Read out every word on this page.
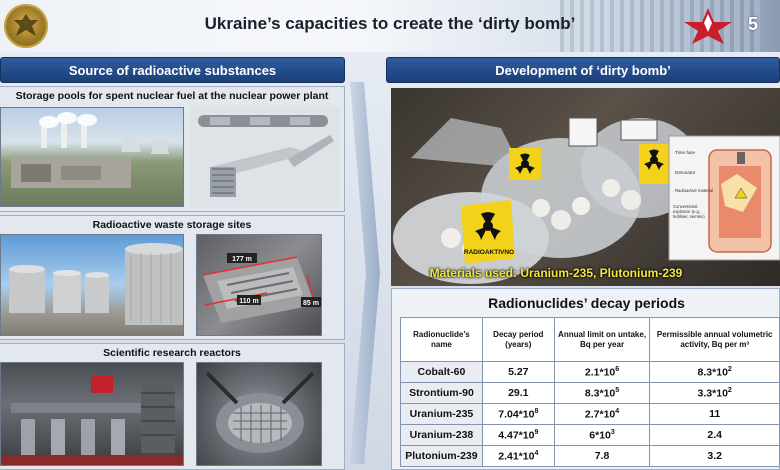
Ukraine’s capacities to create the ‘dirty bomb’	5
Source of radioactive substances
Storage pools for spent nuclear fuel at the nuclear power plant
Radioactive waste storage sites
177 m
110 m	85 m
Scientific research reactors
Development of ‘dirty bomb’
RADIOAKTIVNO
Time fuse
Detonator
Radioactive material
Conventional explosive (e.g., fertiliser, semtex)
Materials used: Uranium-235, Plutonium-239
Radionuclides’ decay periods
Radionuclide’s name	Decay period (years)	Annual limit on untake, Bq per year	Permissible annual volumetric activity, Bq per m³
Cobalt-60	5.27	$2.1*10^6$	$8.3*10^2$
Strontium-90	29.1	$8.3*10^5$	$3.3*10^2$
Uranium-235	$7.04*10^8$	$2.7*10^4$	11
Uranium-238	$4.47*10^9$	$6*10^3$	2.4
Plutonium-239	$2.41*10^4$	7.8	3.2
